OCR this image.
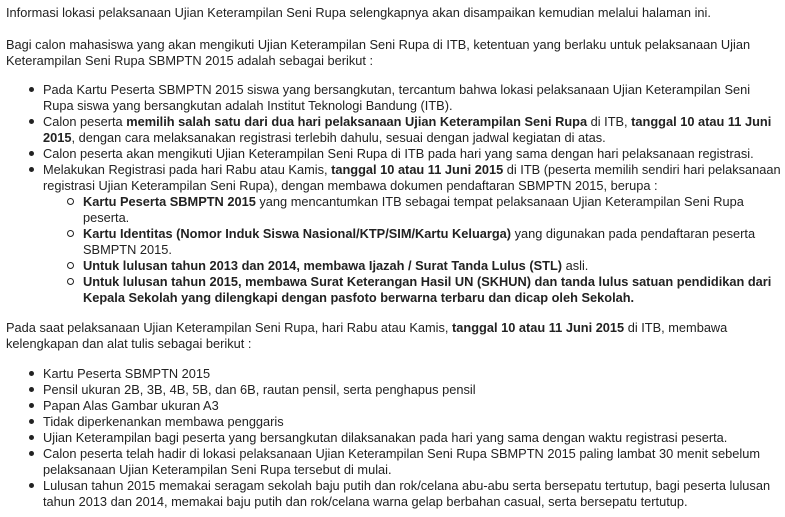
Informasi lokasi pelaksanaan Ujian Keterampilan Seni Rupa selengkapnya akan disampaikan kemudian melalui halaman ini.

Bagi calon mahasiswa yang akan mengikuti Ujian Keterampilan Seni Rupa di ITB, ketentuan yang berlaku untuk pelaksanaan Ujian Keterampilan Seni Rupa SBMPTN 2015 adalah sebagai berikut :

Pada Kartu Peserta SBMPTN 2015 siswa yang bersangkutan, tercantum bahwa lokasi pelaksanaan Ujian Keterampilan Seni Rupa siswa yang bersangkutan adalah Institut Teknologi Bandung (ITB).
Calon peserta memilih salah satu dari dua hari pelaksanaan Ujian Keterampilan Seni Rupa di ITB, tanggal 10 atau 11 Juni 2015, dengan cara melaksanakan registrasi terlebih dahulu, sesuai dengan jadwal kegiatan di atas.
Calon peserta akan mengikuti Ujian Keterampilan Seni Rupa di ITB pada hari yang sama dengan hari pelaksanaan registrasi.
Melakukan Registrasi pada hari Rabu atau Kamis, tanggal 10 atau 11 Juni 2015 di ITB (peserta memilih sendiri hari pelaksanaan registrasi Ujian Keterampilan Seni Rupa), dengan membawa dokumen pendaftaran SBMPTN 2015, berupa :
Kartu Peserta SBMPTN 2015 yang mencantumkan ITB sebagai tempat pelaksanaan Ujian Keterampilan Seni Rupa peserta.
Kartu Identitas (Nomor Induk Siswa Nasional/KTP/SIM/Kartu Keluarga) yang digunakan pada pendaftaran peserta SBMPTN 2015.
Untuk lulusan tahun 2013 dan 2014, membawa Ijazah / Surat Tanda Lulus (STL) asli.
Untuk lulusan tahun 2015, membawa Surat Keterangan Hasil UN (SKHUN) dan tanda lulus satuan pendidikan dari Kepala Sekolah yang dilengkapi dengan pasfoto berwarna terbaru dan dicap oleh Sekolah.

Pada saat pelaksanaan Ujian Keterampilan Seni Rupa, hari Rabu atau Kamis, tanggal 10 atau 11 Juni 2015 di ITB, membawa kelengkapan dan alat tulis sebagai berikut :

Kartu Peserta SBMPTN 2015
Pensil ukuran 2B, 3B, 4B, 5B, dan 6B, rautan pensil, serta penghapus pensil
Papan Alas Gambar ukuran A3
Tidak diperkenankan membawa penggaris
Ujian Keterampilan bagi peserta yang bersangkutan dilaksanakan pada hari yang sama dengan waktu registrasi peserta.
Calon peserta telah hadir di lokasi pelaksanaan Ujian Keterampilan Seni Rupa SBMPTN 2015 paling lambat 30 menit sebelum pelaksanaan Ujian Keterampilan Seni Rupa tersebut di mulai.
Lulusan tahun 2015 memakai seragam sekolah baju putih dan rok/celana abu-abu serta bersepatu tertutup, bagi peserta lulusan tahun 2013 dan 2014, memakai baju putih dan rok/celana warna gelap berbahan casual, serta bersepatu tertutup.
